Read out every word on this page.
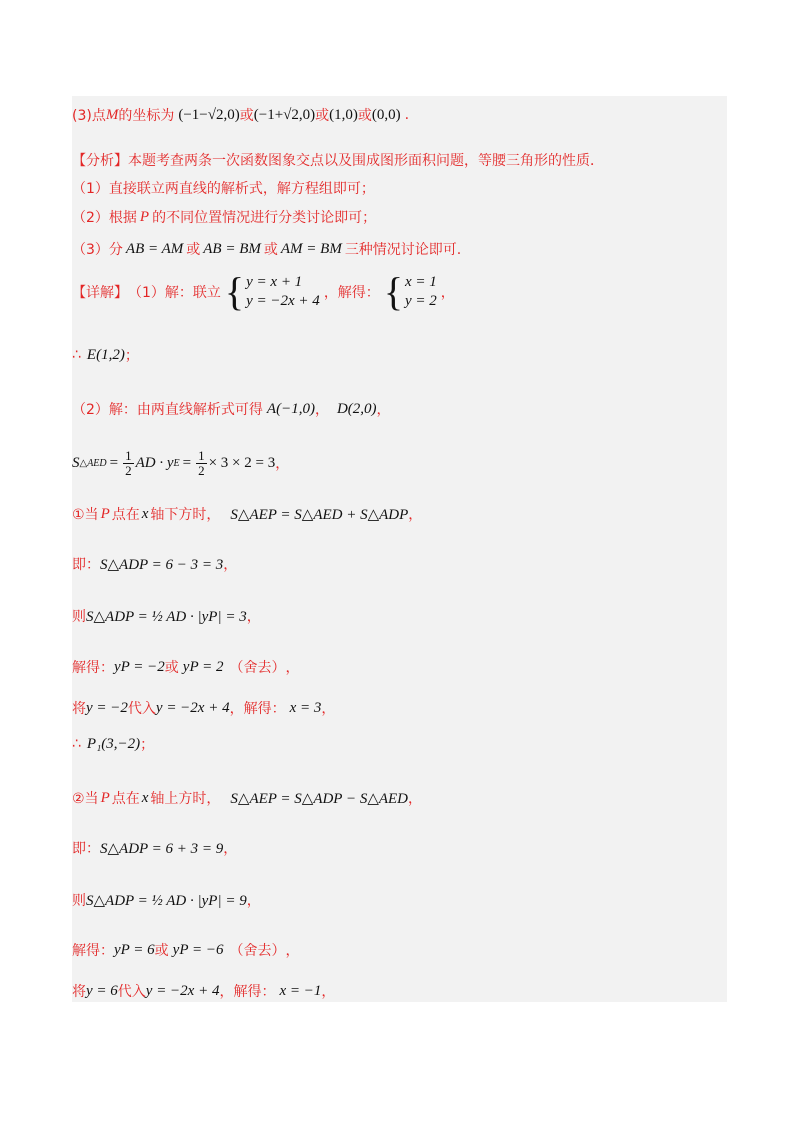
(3)点 M 的坐标为 (−1−√2,0) 或 (−1+√2,0) 或 (1,0) 或 (0,0) .
【分析】 本题考查两条一次函数图象交点以及围成图形面积问题，等腰三角形的性质．
（1）直接联立两直线的解析式，解方程组即可；
（2）根据 P 的不同位置情况进行分类讨论即可；
（3）分 AB = AM 或 AB = BM 或 AM = BM 三种情况讨论即可.
【详解】 （1）解：联立 { y = x + 1
y = −2x + 4 ，解得： { x = 1
y = 2 ，
∴ E(1,2) ；
（2）解：由两直线解析式可得 A(−1,0) ， D(2,0) ，
S △AED = $\frac{1}{2}$ AD · y $E = \frac{1}{2} \times 3 \times 2 = 3$ ，
①当 P 点在 x 轴下方时， S△AEP = S△AED + S△ADP ，
即： S△ADP = 6 − 3 = 3 ，
则 S△ADP = ½ AD · |yP| = 3 ，
解得： yP = −2 或 yP = 2 （舍去） ，
将 y = −2 代入 y = −2x + 4 ，解得： x = 3 ，
∴ P₁(3,−2) ；
②当 P 点在 x 轴上方时， S△AEP = S△ADP − S△AED ，
即： S△ADP = 6 + 3 = 9 ，
则 S△ADP = ½ AD · |yP| = 9 ，
解得： yP = 6 或 yP = −6 （舍去） ，
将 y = 6 代入 y = −2x + 4 ，解得： x = −1 ，
